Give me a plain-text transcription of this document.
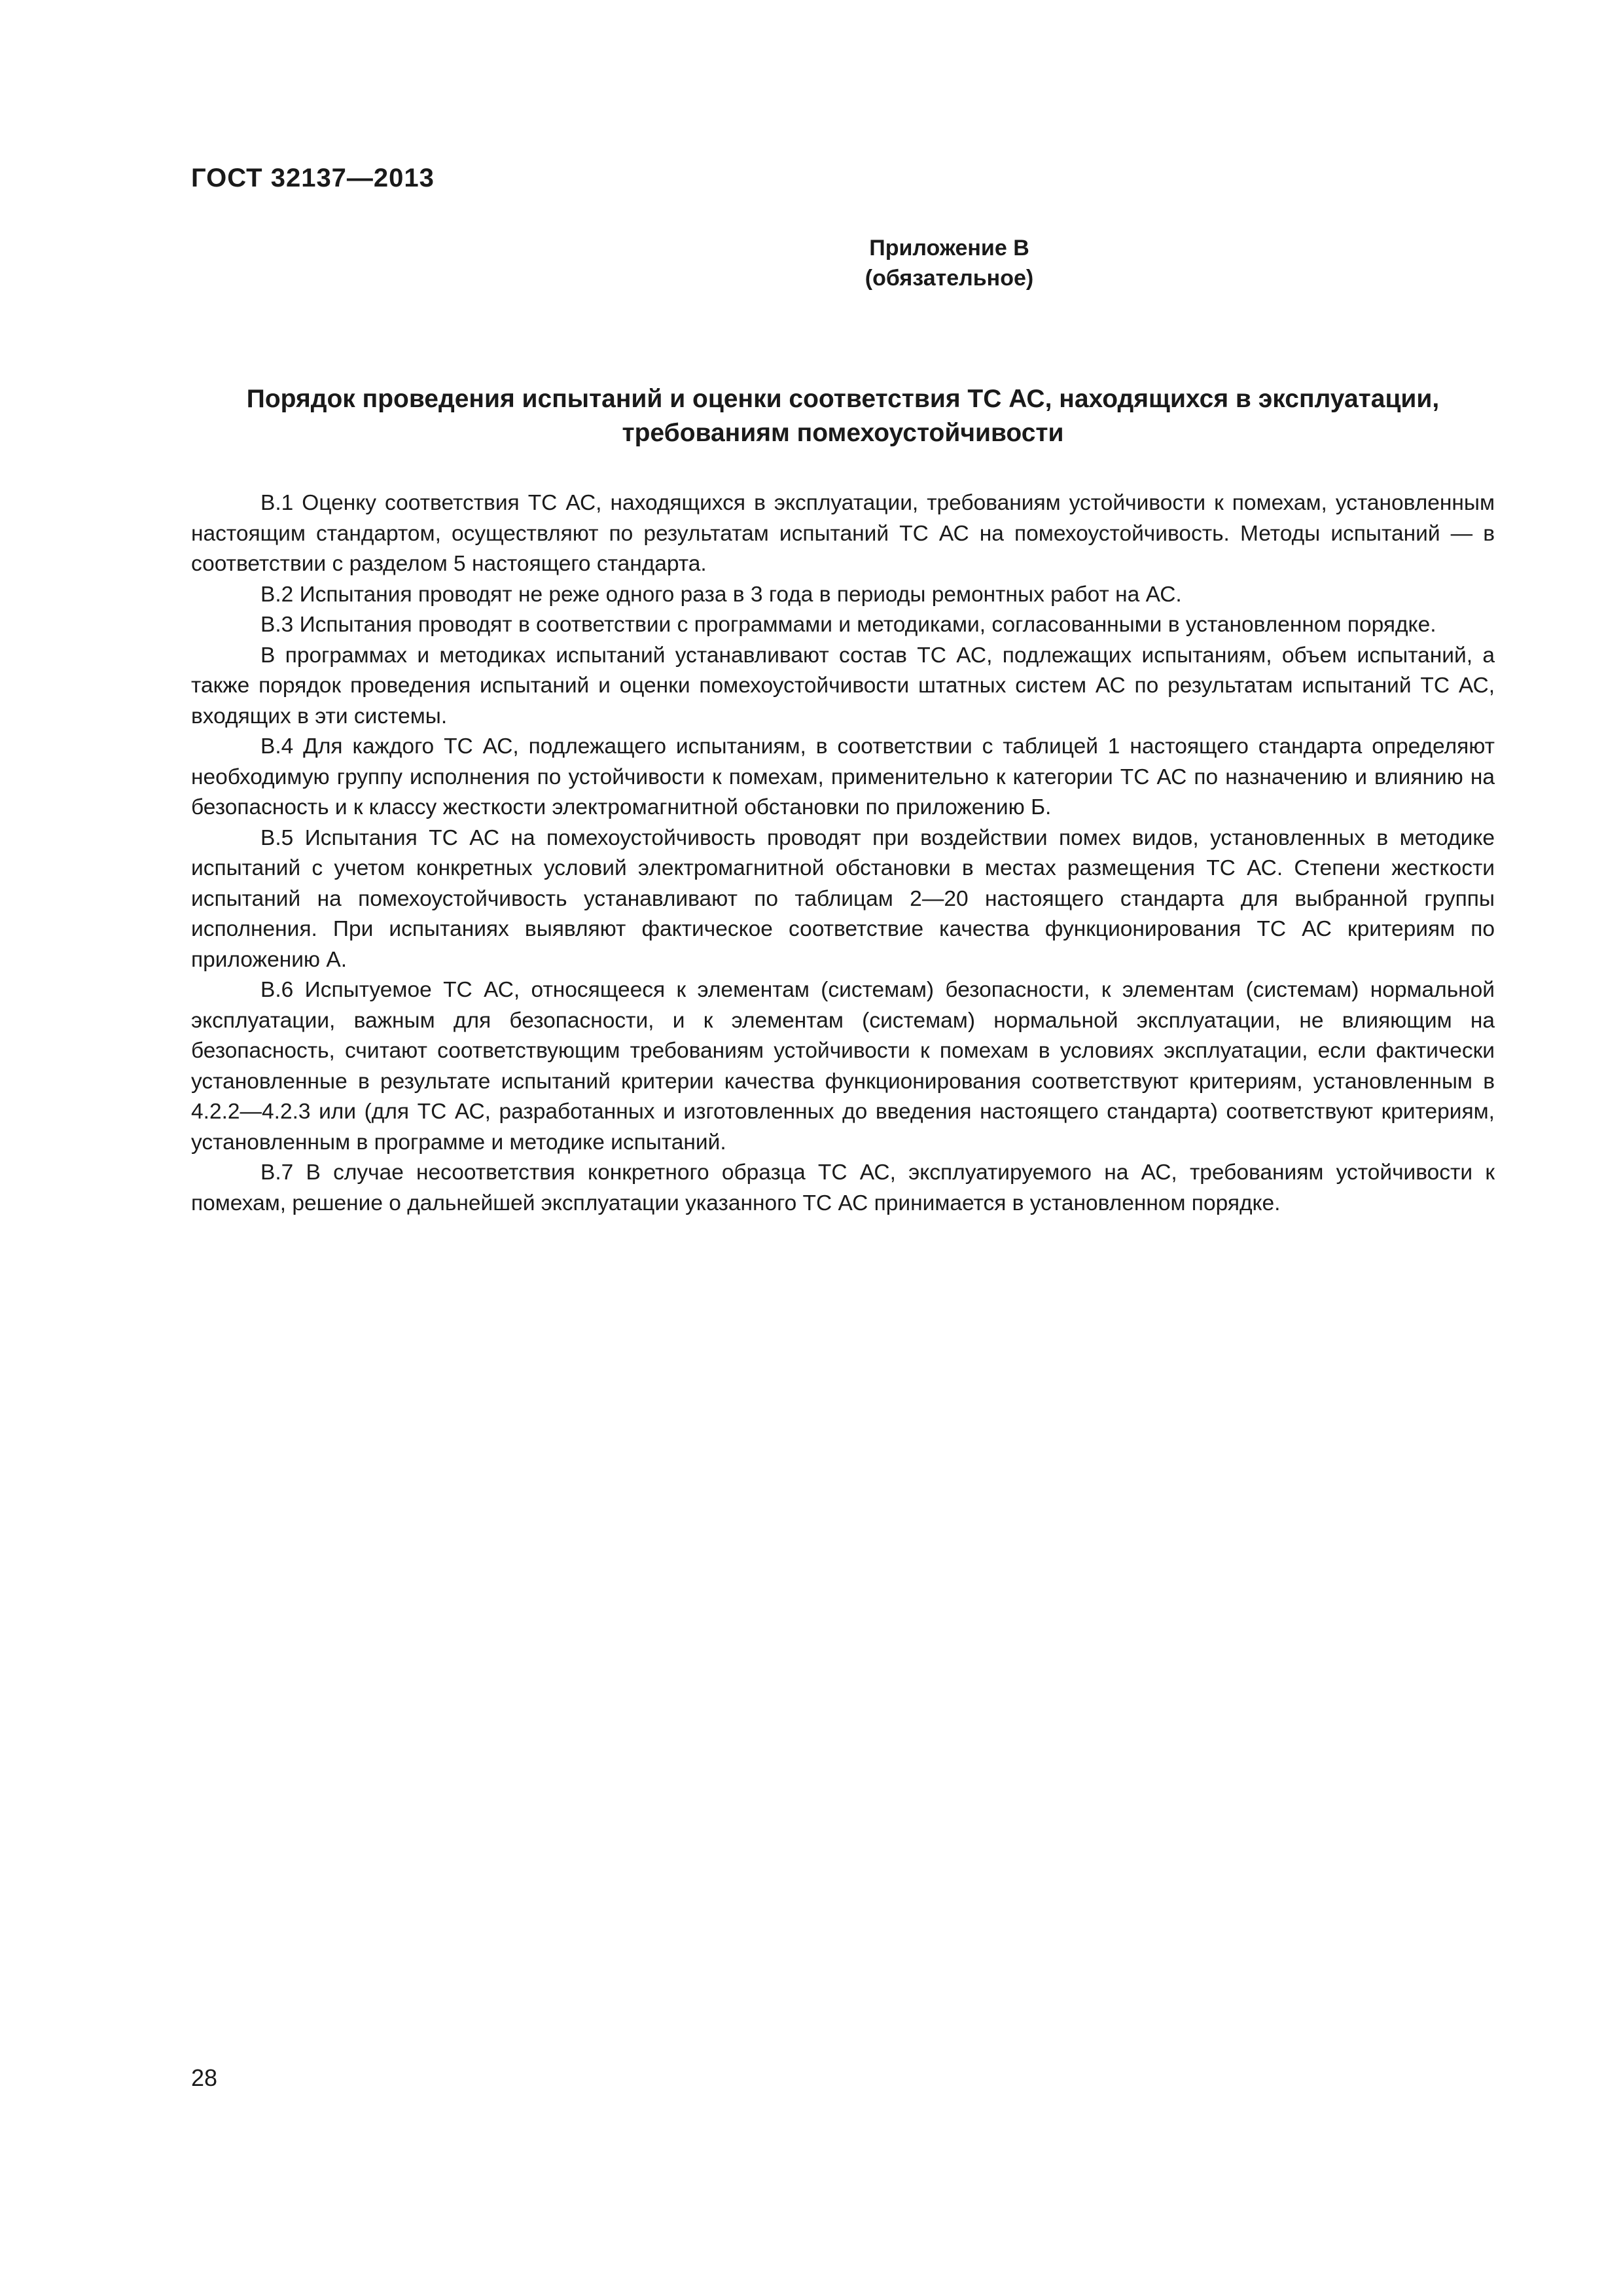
ГОСТ 32137—2013

Приложение В
(обязательное)
Порядок проведения испытаний и оценки соответствия ТС АС, находящихся в эксплуатации,
требованиям помехоустойчивости

В.1 Оценку соответствия ТС АС, находящихся в эксплуатации, требованиям устойчивости к помехам, установленным настоящим стандартом, осуществляют по результатам испытаний ТС АС на помехоустойчивость. Методы испытаний — в соответствии с разделом 5 настоящего стандарта.

В.2 Испытания проводят не реже одного раза в 3 года в периоды ремонтных работ на АС.

В.3 Испытания проводят в соответствии с программами и методиками, согласованными в установленном порядке.

В программах и методиках испытаний устанавливают состав ТС АС, подлежащих испытаниям, объем испытаний, а также порядок проведения испытаний и оценки помехоустойчивости штатных систем АС по результатам испытаний ТС АС, входящих в эти системы.

В.4 Для каждого ТС АС, подлежащего испытаниям, в соответствии с таблицей 1 настоящего стандарта определяют необходимую группу исполнения по устойчивости к помехам, применительно к категории ТС АС по назначению и влиянию на безопасность и к классу жесткости электромагнитной обстановки по приложению Б.

В.5 Испытания ТС АС на помехоустойчивость проводят при воздействии помех видов, установленных в методике испытаний с учетом конкретных условий электромагнитной обстановки в местах размещения ТС АС. Степени жесткости испытаний на помехоустойчивость устанавливают по таблицам 2—20 настоящего стандарта для выбранной группы исполнения. При испытаниях выявляют фактическое соответствие качества функционирования ТС АС критериям по приложению А.

В.6 Испытуемое ТС АС, относящееся к элементам (системам) безопасности, к элементам (системам) нормальной эксплуатации, важным для безопасности, и к элементам (системам) нормальной эксплуатации, не влияющим на безопасность, считают соответствующим требованиям устойчивости к помехам в условиях эксплуатации, если фактически установленные в результате испытаний критерии качества функционирования соответствуют критериям, установленным в 4.2.2—4.2.3 или (для ТС АС, разработанных и изготовленных до введения настоящего стандарта) соответствуют критериям, установленным в программе и методике испытаний.

В.7 В случае несоответствия конкретного образца ТС АС, эксплуатируемого на АС, требованиям устойчивости к помехам, решение о дальнейшей эксплуатации указанного ТС АС принимается в установленном порядке.

28
